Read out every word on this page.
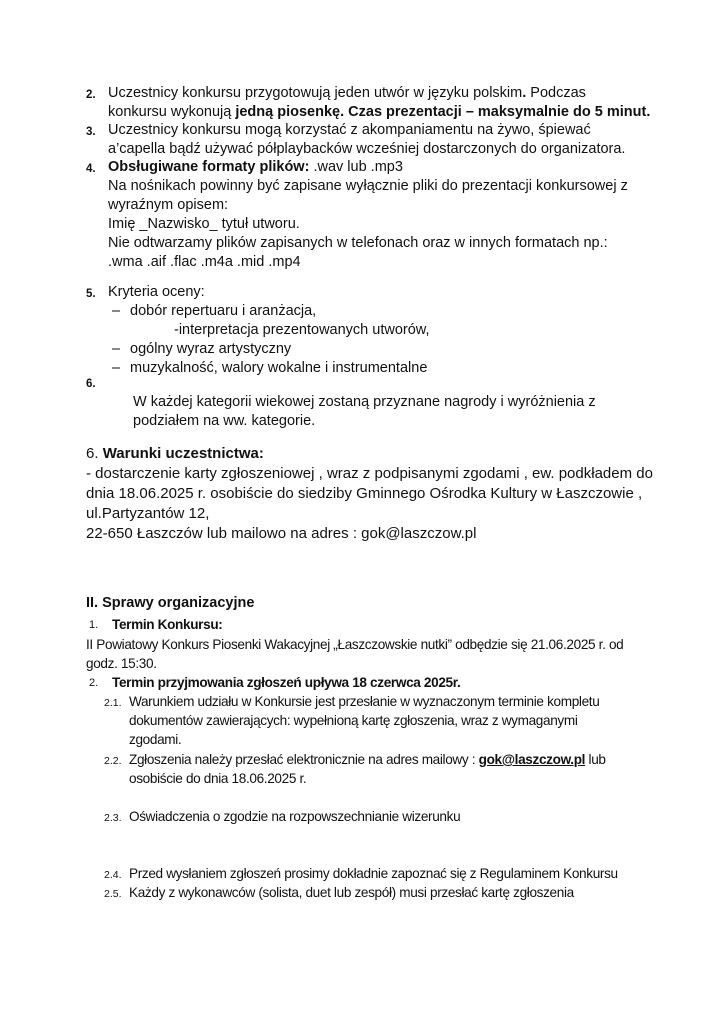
2. Uczestnicy konkursu przygotowują jeden utwór w języku polskim. Podczas
konkursu wykonują jedną piosenkę. Czas prezentacji – maksymalnie do 5 minut.
3. Uczestnicy konkursu mogą korzystać z akompaniamentu na żywo, śpiewać
a’capella bądź używać półplaybacków wcześniej dostarczonych do organizatora.
4. Obsługiwane formaty plików: .wav lub .mp3
Na nośnikach powinny być zapisane wyłącznie pliki do prezentacji konkursowej z
wyraźnym opisem:
Imię _Nazwisko_ tytuł utworu.
Nie odtwarzamy plików zapisanych w telefonach oraz w innych formatach np.:
.wma .aif .flac .m4a .mid .mp4
5. Kryteria oceny:
– dobór repertuaru i aranżacja,
-interpretacja prezentowanych utworów,
– ogólny wyraz artystyczny
– muzykalność, walory wokalne i instrumentalne
6.
W każdej kategorii wiekowej zostaną przyznane nagrody i wyróżnienia z
podziałem na ww. kategorie.
6. Warunki uczestnictwa:
- dostarczenie karty zgłoszeniowej , wraz z podpisanymi zgodami , ew. podkładem do
dnia 18.06.2025 r. osobiście do siedziby Gminnego Ośrodka Kultury w Łaszczowie ,
ul.Partyzantów 12,
22-650 Łaszczów lub mailowo na adres : gok@laszczow.pl
II. Sprawy organizacyjne
1. Termin Konkursu:
II Powiatowy Konkurs Piosenki Wakacyjnej „Łaszczowskie nutki” odbędzie się 21.06.2025 r. od
godz. 15:30.
2. Termin przyjmowania zgłoszeń upływa 18 czerwca 2025r.
2.1. Warunkiem udziału w Konkursie jest przesłanie w wyznaczonym terminie kompletu
dokumentów zawierających: wypełnioną kartę zgłoszenia, wraz z wymaganymi
zgodami.
2.2. Zgłoszenia należy przesłać elektronicznie na adres mailowy : gok@laszczow.pl lub
osobiście do dnia 18.06.2025 r.
2.3. Oświadczenia o zgodzie na rozpowszechnianie wizerunku
2.4. Przed wysłaniem zgłoszeń prosimy dokładnie zapoznać się z Regulaminem Konkursu
2.5. Każdy z wykonawców (solista, duet lub zespół) musi przesłać kartę zgłoszenia
